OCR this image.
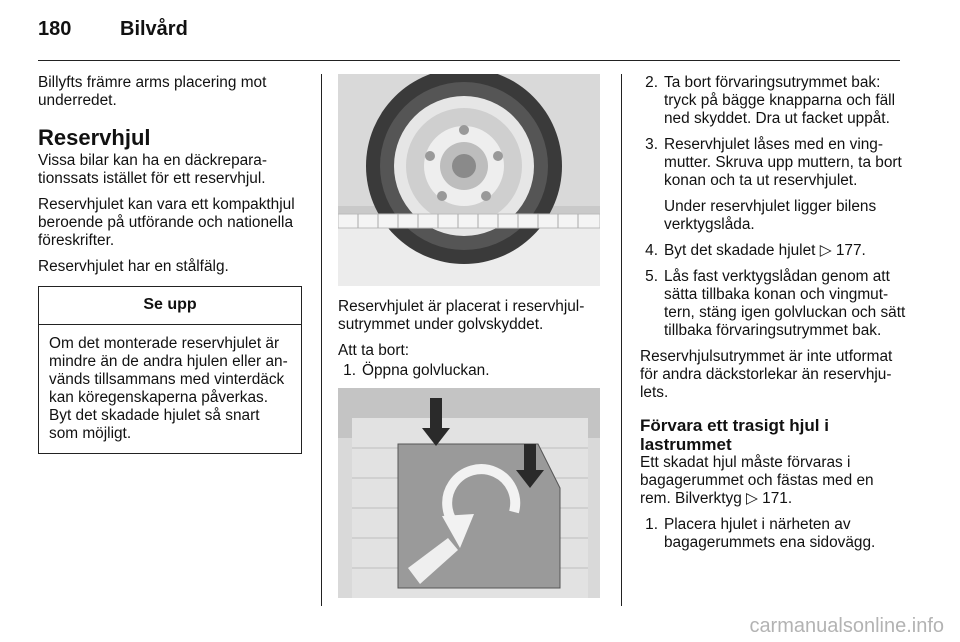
180	Bilvård

Billyfts främre arms placering mot underredet.

Reservhjul

Vissa bilar kan ha en däckreparationssats istället för ett reservhjul.

Reservhjulet kan vara ett kompakthjul beroende på utförande och nationella föreskrifter.

Reservhjulet har en stålfälg.

Se upp
Om det monterade reservhjulet är mindre än de andra hjulen eller används tillsammans med vinterdäck kan köregenskaperna påverkas. Byt det skadade hjulet så snart som möjligt.

Reservhjulet är placerat i reservhjulsutrymmet under golvskyddet.

Att ta bort:

1. Öppna golvluckan.
2. Ta bort förvaringsutrymmet bak: tryck på bägge knapparna och fäll ned skyddet. Dra ut facket uppåt.
3. Reservhjulet låses med en vingmutter. Skruva upp muttern, ta bort konan och ta ut reservhjulet.
Under reservhjulet ligger bilens verktygslåda.
4. Byt det skadade hjulet ▷ 177.
5. Lås fast verktygslådan genom att sätta tillbaka konan och vingmuttern, stäng igen golvluckan och sätt tillbaka förvaringsutrymmet bak.

Reservhjulsutrymmet är inte utformat för andra däckstorlekar än reservhjulets.

Förvara ett trasigt hjul i lastrummet

Ett skadat hjul måste förvaras i bagagerummet och fästas med en rem. Bilverktyg ▷ 171.

1. Placera hjulet i närheten av bagagerummets ena sidovägg.
carmanualsonline.info
